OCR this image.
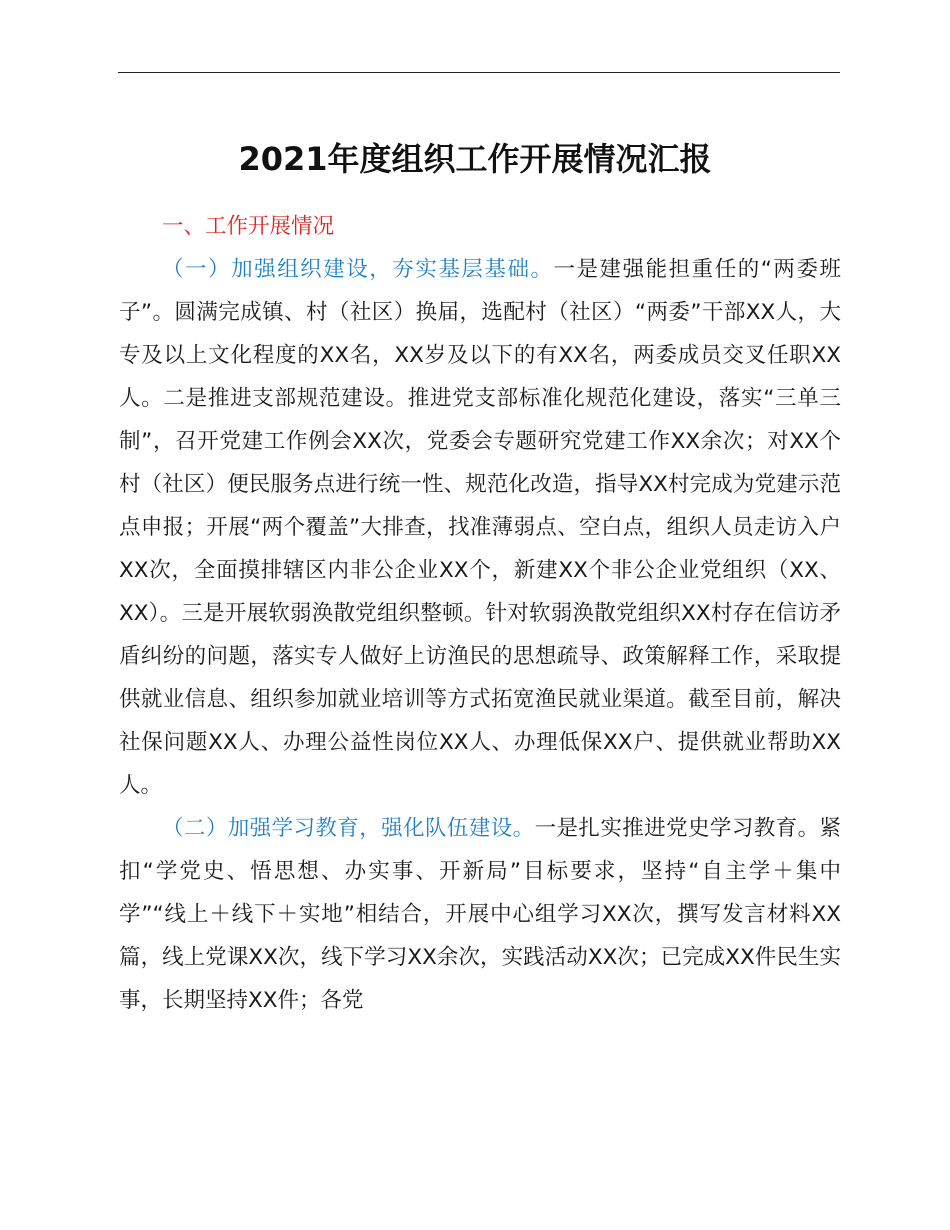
2021年度组织工作开展情况汇报

一、工作开展情况

（一）加强组织建设，夯实基层基础。一是建强能担重任的“两委班子”。圆满完成镇、村（社区）换届，选配村（社区）“两委”干部XX人，大专及以上文化程度的XX名，XX岁及以下的有XX名，两委成员交叉任职XX人。二是推进支部规范建设。推进党支部标准化规范化建设，落实“三单三制”，召开党建工作例会XX次，党委会专题研究党建工作XX余次；对XX个村（社区）便民服务点进行统一性、规范化改造，指导XX村完成为党建示范点申报；开展“两个覆盖”大排查，找准薄弱点、空白点，组织人员走访入户XX次，全面摸排辖区内非公企业XX个，新建XX个非公企业党组织（XX、XX）。三是开展软弱涣散党组织整顿。针对软弱涣散党组织XX村存在信访矛盾纠纷的问题，落实专人做好上访渔民的思想疏导、政策解释工作，采取提供就业信息、组织参加就业培训等方式拓宽渔民就业渠道。截至目前，解决社保问题XX人、办理公益性岗位XX人、办理低保XX户、提供就业帮助XX人。

（二）加强学习教育，强化队伍建设。一是扎实推进党史学习教育。紧扣“学党史、悟思想、办实事、开新局”目标要求，坚持“自主学＋集中学”“线上＋线下＋实地”相结合，开展中心组学习XX次，撰写发言材料XX篇，线上党课XX次，线下学习XX余次，实践活动XX次；已完成XX件民生实事，长期坚持XX件；各党
